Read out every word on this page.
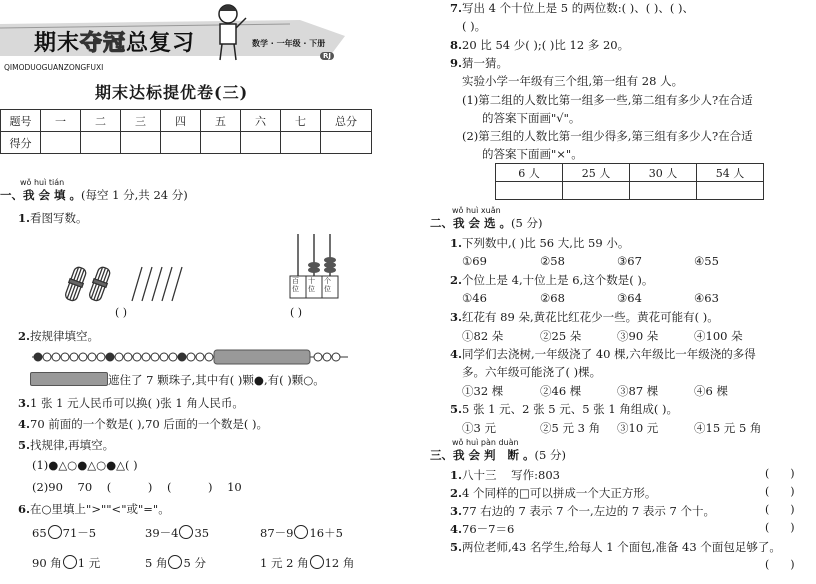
期末夺冠总复习	数学 · 一年级 · 下册
RJ
QIMODUOGUANZONGFUXI
期末达标提优卷(三)
题号	一	二	三	四	五	六	七	总分
得分								
wǒ huì tián
一、我 会 填 。(每空 1 分,共 24 分)
1.看图写数。
百
位
十
位
个
位
( )	( )
2.按规律填空。
遮住了 7 颗珠子,其中有( )颗●,有( )颗○。
3.1 张 1 元人民币可以换( )张 1 角人民币。
4.70 前面的一个数是( ),70 后面的一个数是( )。
5.找规律,再填空。
(1)●△○●△○●△( )
(2)90    70    (          )    (          )    10
6.在○里填上">""<"或"="。
65 71－5	39－4 35	87－9 16＋5
90 角 1 元	5 角 5 分	1 元 2 角 12 角
7.写出 4 个十位上是 5 的两位数:( )、( )、( )、
( )。
8.20 比 54 少( );( )比 12 多 20。
9.猜一猜。
实验小学一年级有三个组,第一组有 28 人。
(1)第二组的人数比第一组多一些,第二组有多少人?在合适
的答案下面画"√"。
(2)第三组的人数比第一组少得多,第三组有多少人?在合适
的答案下面画"×"。
6 人	25 人	30 人	54 人

wǒ huì xuǎn
二、我 会 选 。(5 分)
1.下列数中,( )比 56 大,比 59 小。
①69	②58	③67	④55
2.个位上是 4,十位上是 6,这个数是( )。
①46	②68	③64	④63
3.红花有 89 朵,黄花比红花少一些。黄花可能有( )。
①82 朵	②25 朵	③90 朵	④100 朵
4.同学们去浇树,一年级浇了 40 棵,六年级比一年级浇的多得
多。六年级可能浇了( )棵。
①32 棵	②46 棵	③87 棵	④6 棵
5.5 张 1 元、2 张 5 元、5 张 1 角组成( )。
①3 元	②5 元 3 角 ③10 元	④15 元 5 角
wǒ huì pàn duàn
三、我 会 判   断 。(5 分)
1.八十三    写作:803	(      )
2.4 个同样的□可以拼成一个大正方形。	(      )
3.77 右边的 7 表示 7 个一,左边的 7 表示 7 个十。	(      )
4.76－7＝6	(      )
5.两位老师,43 名学生,给每人 1 个面包,准备 43 个面包足够了。
(      )
